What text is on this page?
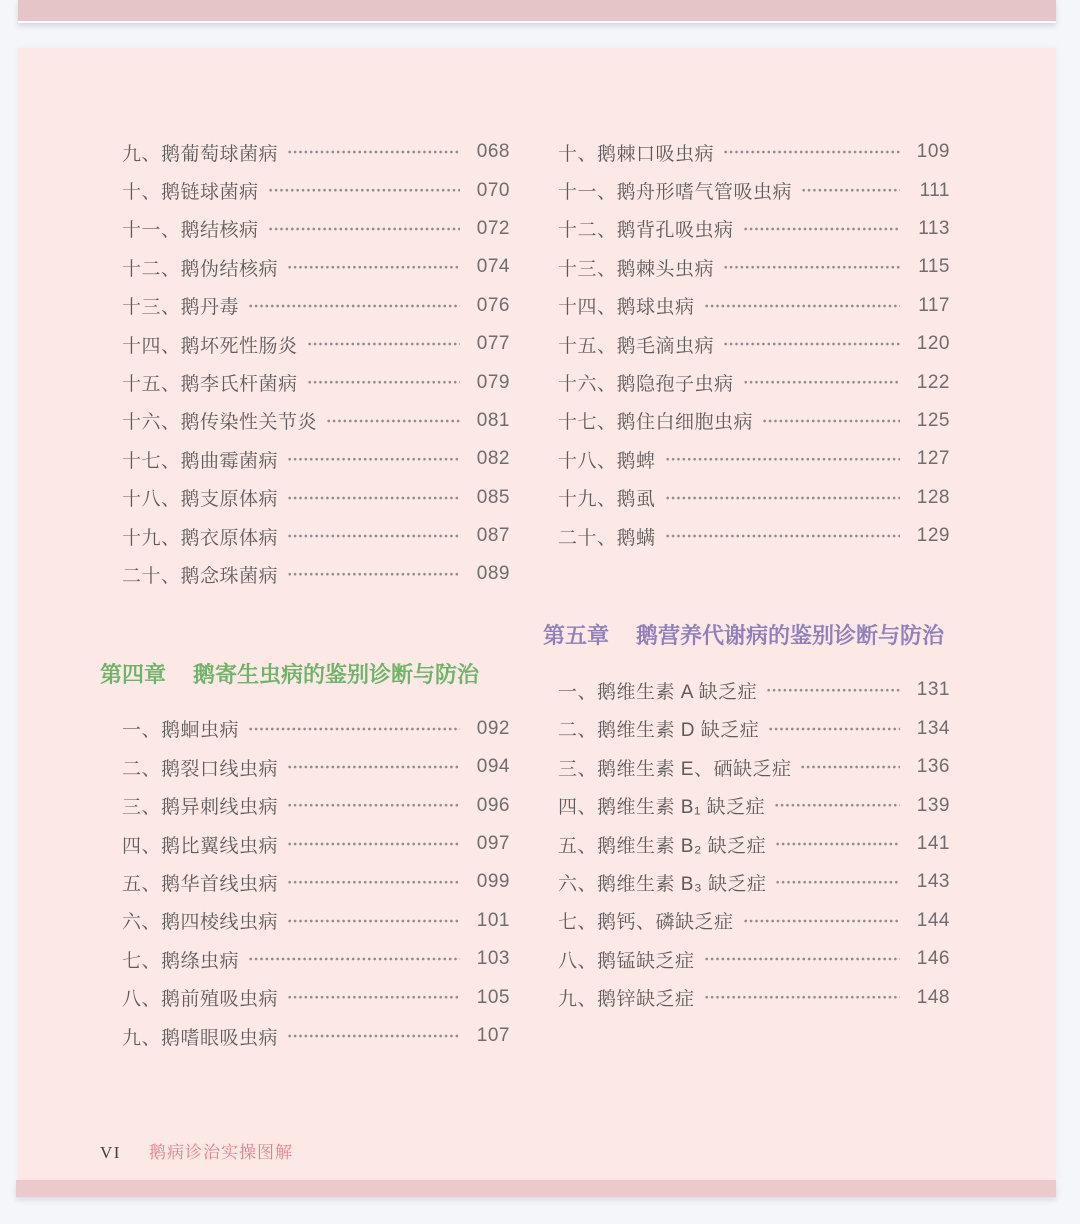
九、鹅葡萄球菌病	068
十、鹅链球菌病	070
十一、鹅结核病	072
十二、鹅伪结核病	074
十三、鹅丹毒	076
十四、鹅坏死性肠炎	077
十五、鹅李氏杆菌病	079
十六、鹅传染性关节炎	081
十七、鹅曲霉菌病	082
十八、鹅支原体病	085
十九、鹅衣原体病	087
二十、鹅念珠菌病	089
第四章 鹅寄生虫病的鉴别诊断与防治
一、鹅蛔虫病	092
二、鹅裂口线虫病	094
三、鹅异刺线虫病	096
四、鹅比翼线虫病	097
五、鹅华首线虫病	099
六、鹅四棱线虫病	101
七、鹅绦虫病	103
八、鹅前殖吸虫病	105
九、鹅嗜眼吸虫病	107
十、鹅棘口吸虫病	109
十一、鹅舟形嗜气管吸虫病	111
十二、鹅背孔吸虫病	113
十三、鹅棘头虫病	115
十四、鹅球虫病	117
十五、鹅毛滴虫病	120
十六、鹅隐孢子虫病	122
十七、鹅住白细胞虫病	125
十八、鹅蜱	127
十九、鹅虱	128
二十、鹅螨	129
第五章 鹅营养代谢病的鉴别诊断与防治
一、鹅维生素 A 缺乏症	131
二、鹅维生素 D 缺乏症	134
三、鹅维生素 E、硒缺乏症	136
四、鹅维生素 B₁ 缺乏症	139
五、鹅维生素 B₂ 缺乏症	141
六、鹅维生素 B₃ 缺乏症	143
七、鹅钙、磷缺乏症	144
八、鹅锰缺乏症	146
九、鹅锌缺乏症	148
VI 鹅病诊治实操图解
